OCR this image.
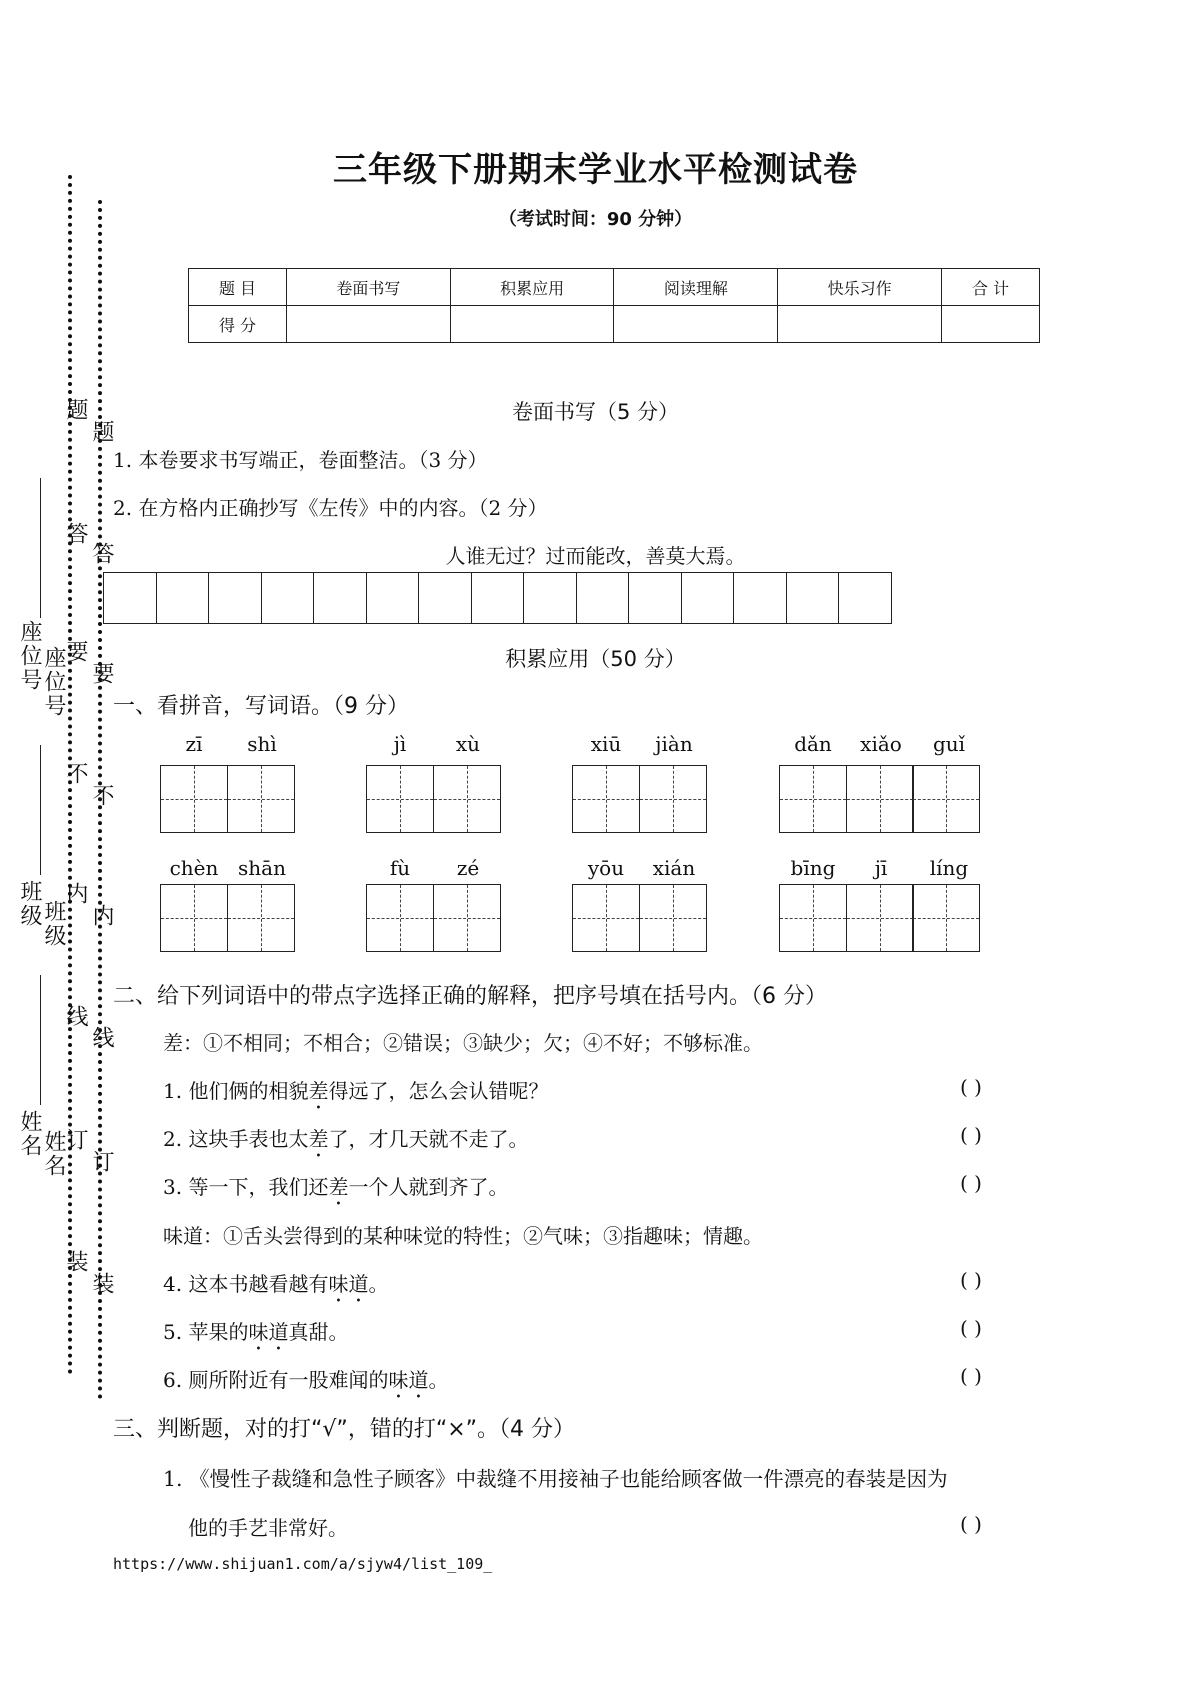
题
题
答
答
要
要
不
不
内
内
线
线
订
订
装
装
姓名 姓名
班级 班级
座位号 座位号
三年级下册期末学业水平检测试卷
（考试时间：90 分钟）
题 目	卷面书写	积累应用	阅读理解	快乐习作	合 计
得 分					
卷面书写（5 分）
1. 本卷要求书写端正，卷面整洁。（3 分）
2. 在方格内正确抄写《左传》中的内容。（2 分）
人谁无过？过而能改，善莫大焉。
积累应用（50 分）
一、看拼音，写词语。（9 分）
zī	shì	jì	xù	xiū	jiàn	dǎn	xiǎo	guǐ
chèn shān	fù	zé	yōu	xián	bīng	jī	líng
二、给下列词语中的带点字选择正确的解释，把序号填在括号内。（6 分）
差：①不相同；不相合；②错误；③缺少；欠；④不好；不够标准。
1. 他们俩的相貌差得远了，怎么会认错呢？	( )
2. 这块手表也太差了，才几天就不走了。	( )
3. 等一下，我们还差一个人就到齐了。	( )
味道：①舌头尝得到的某种味觉的特性；②气味；③指趣味；情趣。
4. 这本书越看越有味道。	( )
5. 苹果的味道真甜。	( )
6. 厕所附近有一股难闻的味道。	( )
三、判断题，对的打“√”，错的打“×”。（4 分）
1. 《慢性子裁缝和急性子顾客》中裁缝不用接袖子也能给顾客做一件漂亮的春装是因为
他的手艺非常好。	( )
https://www.shijuan1.com/a/sjyw4/list_109_
